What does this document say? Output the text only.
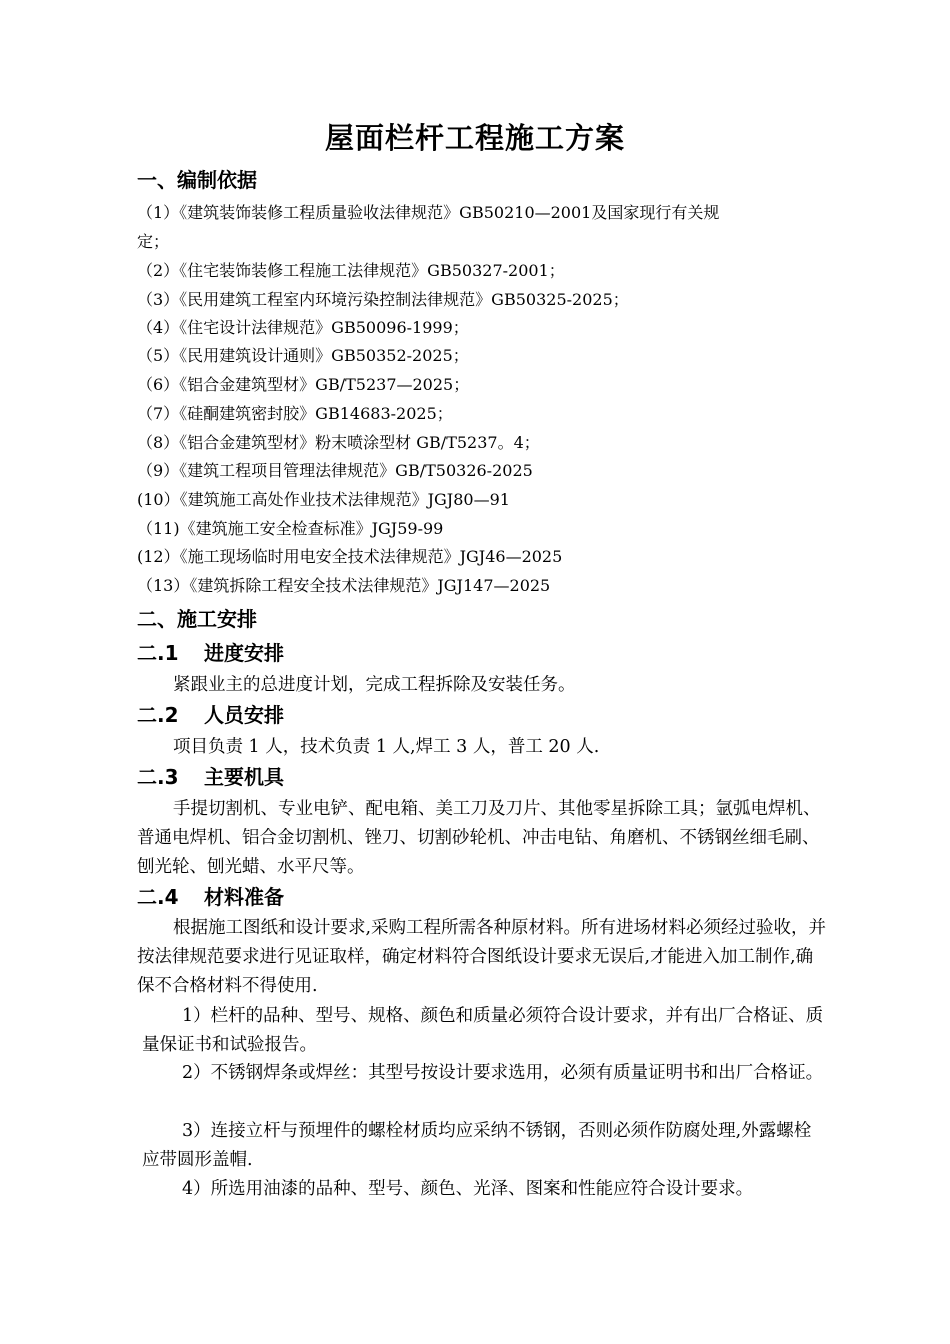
屋面栏杆工程施工方案
一、编制依据
（1）《建筑装饰装修工程质量验收法律规范》GB50210—2001及国家现行有关规
定；
（2）《住宅装饰装修工程施工法律规范》GB50327-2001；
（3）《民用建筑工程室内环境污染控制法律规范》GB50325-2025；
（4）《住宅设计法律规范》GB50096-1999；
（5）《民用建筑设计通则》GB50352-2025；
（6）《铝合金建筑型材》GB/T5237—2025；
（7）《硅酮建筑密封胶》GB14683-2025；
（8）《铝合金建筑型材》粉末喷涂型材 GB/T5237。4；
（9）《建筑工程项目管理法律规范》GB/T50326-2025
(10）《建筑施工高处作业技术法律规范》JGJ80—91
（11)《建筑施工安全检查标准》JGJ59-99
(12）《施工现场临时用电安全技术法律规范》JGJ46—2025
（13）《建筑拆除工程安全技术法律规范》JGJ147—2025
二、施工安排
二.1 进度安排
紧跟业主的总进度计划，完成工程拆除及安装任务。
二.2 人员安排
项目负责 1 人，技术负责 1 人,焊工 3 人，普工 20 人.
二.3 主要机具
手提切割机、专业电铲、配电箱、美工刀及刀片、其他零星拆除工具；氩弧电焊机、普通电焊机、铝合金切割机、锉刀、切割砂轮机、冲击电钻、角磨机、不锈钢丝细毛刷、刨光轮、刨光蜡、水平尺等。
二.4 材料准备
根据施工图纸和设计要求,采购工程所需各种原材料。所有进场材料必须经过验收，并按法律规范要求进行见证取样，确定材料符合图纸设计要求无误后,才能进入加工制作,确保不合格材料不得使用.
1）栏杆的品种、型号、规格、颜色和质量必须符合设计要求，并有出厂合格证、质量保证书和试验报告。
2）不锈钢焊条或焊丝：其型号按设计要求选用，必须有质量证明书和出厂合格证。
3）连接立杆与预埋件的螺栓材质均应采纳不锈钢，否则必须作防腐处理,外露螺栓应带圆形盖帽.
4）所选用油漆的品种、型号、颜色、光泽、图案和性能应符合设计要求。
